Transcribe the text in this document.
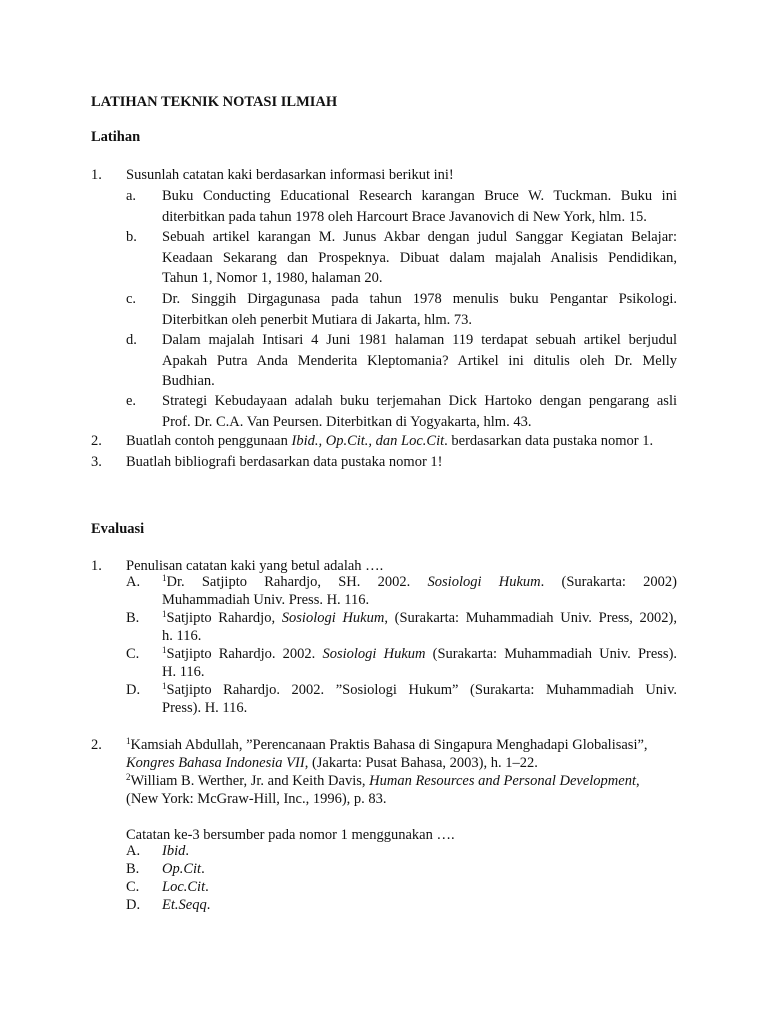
LATIHAN TEKNIK NOTASI ILMIAH
Latihan
1. Susunlah catatan kaki berdasarkan informasi berikut ini!
a. Buku Conducting Educational Research karangan Bruce W. Tuckman. Buku ini
diterbitkan pada tahun 1978 oleh Harcourt Brace Javanovich di New York, hlm. 15.
b. Sebuah artikel karangan M. Junus Akbar dengan judul Sanggar Kegiatan Belajar:
Keadaan Sekarang dan Prospeknya. Dibuat dalam majalah Analisis Pendidikan,
Tahun 1, Nomor 1, 1980, halaman 20.
c. Dr. Singgih Dirgagunasa pada tahun 1978 menulis buku Pengantar Psikologi.
Diterbitkan oleh penerbit Mutiara di Jakarta, hlm. 73.
d. Dalam majalah Intisari 4 Juni 1981 halaman 119 terdapat sebuah artikel berjudul
Apakah Putra Anda Menderita Kleptomania? Artikel ini ditulis oleh Dr. Melly
Budhian.
e. Strategi Kebudayaan adalah buku terjemahan Dick Hartoko dengan pengarang asli
Prof. Dr. C.A. Van Peursen. Diterbitkan di Yogyakarta, hlm. 43.
2. Buatlah contoh penggunaan Ibid., Op.Cit., dan Loc.Cit. berdasarkan data pustaka nomor 1.
3. Buatlah bibliografi berdasarkan data pustaka nomor 1!
Evaluasi
1. Penulisan catatan kaki yang betul adalah ….
A. $^1$Dr. Satjipto Rahardjo, SH. 2002. Sosiologi Hukum. (Surakarta: 2002)
Muhammadiah Univ. Press. H. 116.
B.	$^1$Satjipto Rahardjo, Sosiologi Hukum, (Surakarta: Muhammadiah Univ. Press, 2002),
h. 116.
C.	$^1$Satjipto Rahardjo. 2002. Sosiologi Hukum (Surakarta: Muhammadiah Univ. Press).
H. 116.
D. $^1$Satjipto Rahardjo. 2002. ”Sosiologi Hukum” (Surakarta: Muhammadiah Univ.
Press). H. 116.
2.	$^1$Kamsiah Abdullah, ”Perencanaan Praktis Bahasa di Singapura Menghadapi Globalisasi”,
Kongres Bahasa Indonesia VII, (Jakarta: Pusat Bahasa, 2003), h. 1–22.
$^2$William B. Werther, Jr. and Keith Davis, Human Resources and Personal Development,
(New York: McGraw-Hill, Inc., 1996), p. 83.
Catatan ke-3 bersumber pada nomor 1 menggunakan ….
A. Ibid.
B. Op.Cit.
C. Loc.Cit.
D. Et.Seqq.
